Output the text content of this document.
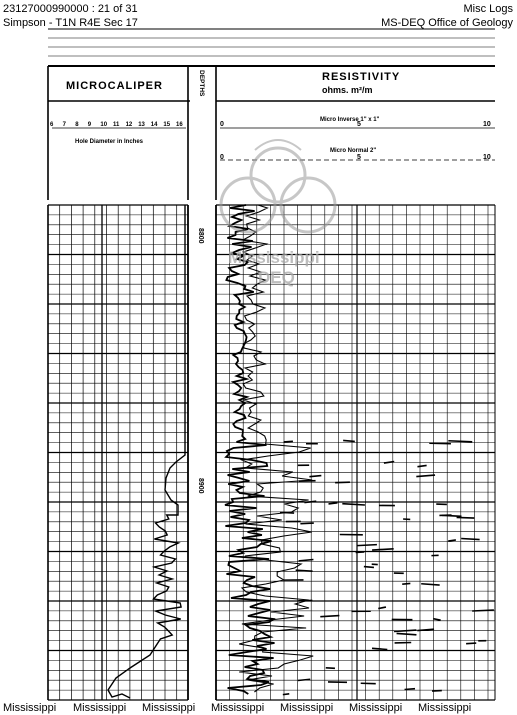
23127000990000 : 21 of 31
Simpson - T1N R4E Sec 17
Misc Logs
MS-DEQ Office of Geology
MICROCALIPER	DEPTHS	RESISTIVITY
ohms. m²/m
6 7 8 9 10 11 12 13 14 15 16
Hole Diameter in Inches
Micro Inverse 1" x 1"
Micro Normal 2"
0	5	10
0	5	10
8800
8900
Mississippi
DEQ
Mississippi Mississippi Mississippi Mississippi Mississippi Mississippi Mississippi
